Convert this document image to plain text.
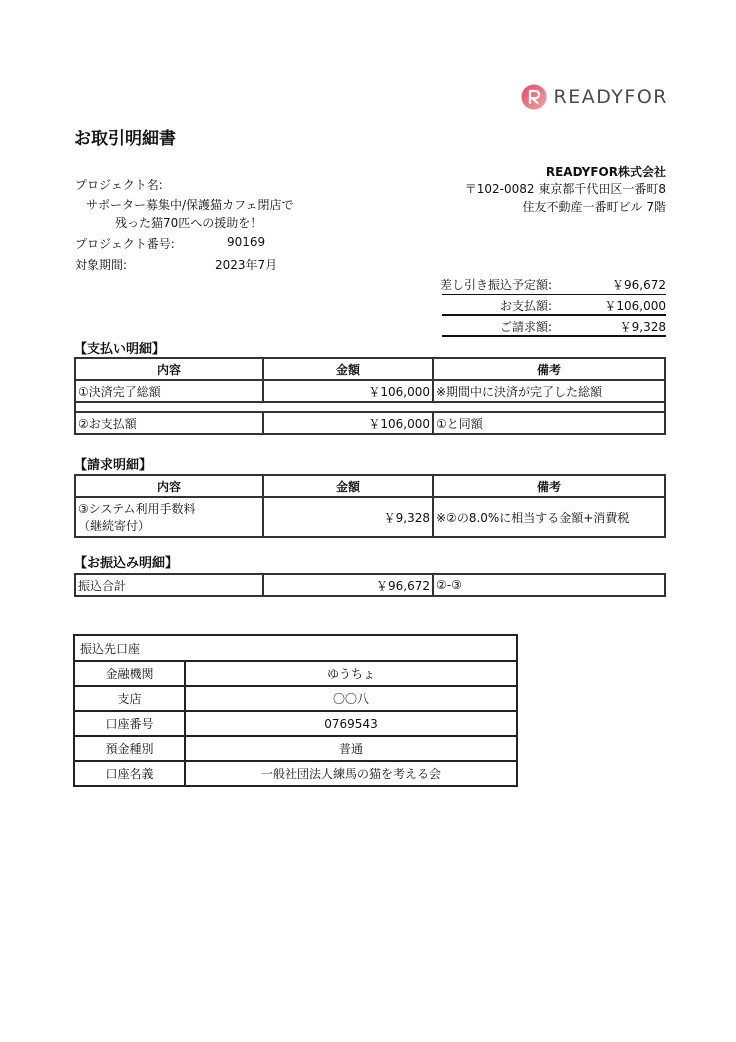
READYFOR
お取引明細書
プロジェクト名:
サポーター募集中/保護猫カフェ閉店で
残った猫70匹への援助を！
プロジェクト番号:	90169
対象期間:	2023年7月
READYFOR株式会社
〒102-0082 東京都千代田区一番町8
住友不動産一番町ビル 7階
差し引き振込予定額:	￥96,672
お支払額:	￥106,000
ご請求額:	￥9,328
【支払い明細】
内容	金額	備考
①決済完了総額	￥106,000	※期間中に決済が完了した総額

②お支払額	￥106,000	①と同額
【請求明細】
内容	金額	備考

③システム利用手数料
（継続寄付）	￥9,328	※②の8.0%に相当する金額+消費税
【お振込み明細】
振込合計	￥96,672	②-③
振込先口座	
金融機関	ゆうちょ
支店	〇〇八
口座番号	0769543
預金種別	普通
口座名義	一般社団法人練馬の猫を考える会
